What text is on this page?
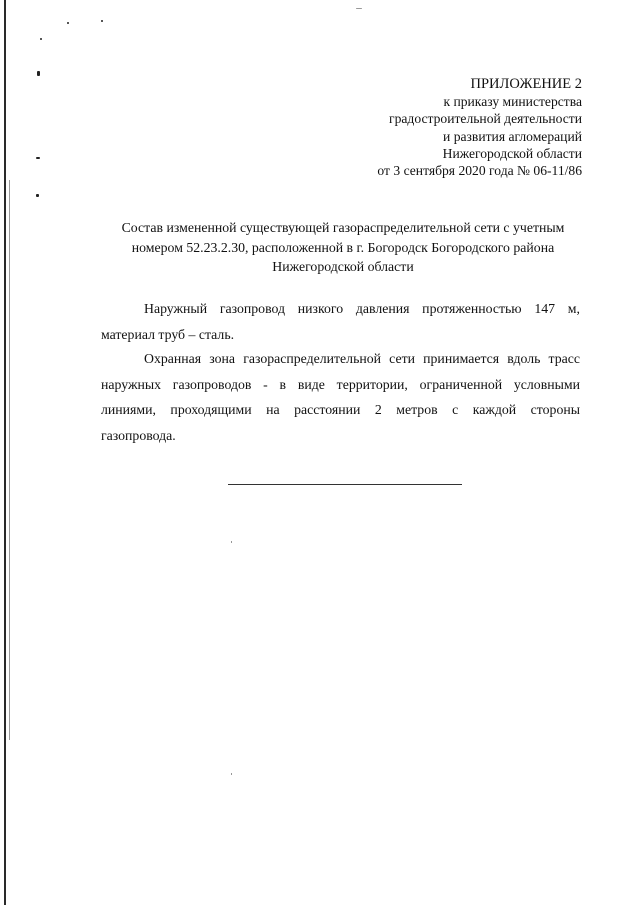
ПРИЛОЖЕНИЕ 2
к приказу министерства
градостроительной деятельности
и развития агломераций
Нижегородской области
от 3 сентября 2020 года № 06-11/86
Состав измененной существующей газораспределительной сети с учетным
номером 52.23.2.30, расположенной в г. Богородск Богородского района
Нижегородской области
Наружный газопровод низкого давления протяженностью 147 м,
материал труб – сталь.
Охранная зона газораспределительной сети принимается вдоль трасс
наружных газопроводов - в виде территории, ограниченной условными
линиями, проходящими на расстоянии 2 метров с каждой стороны
газопровода.
